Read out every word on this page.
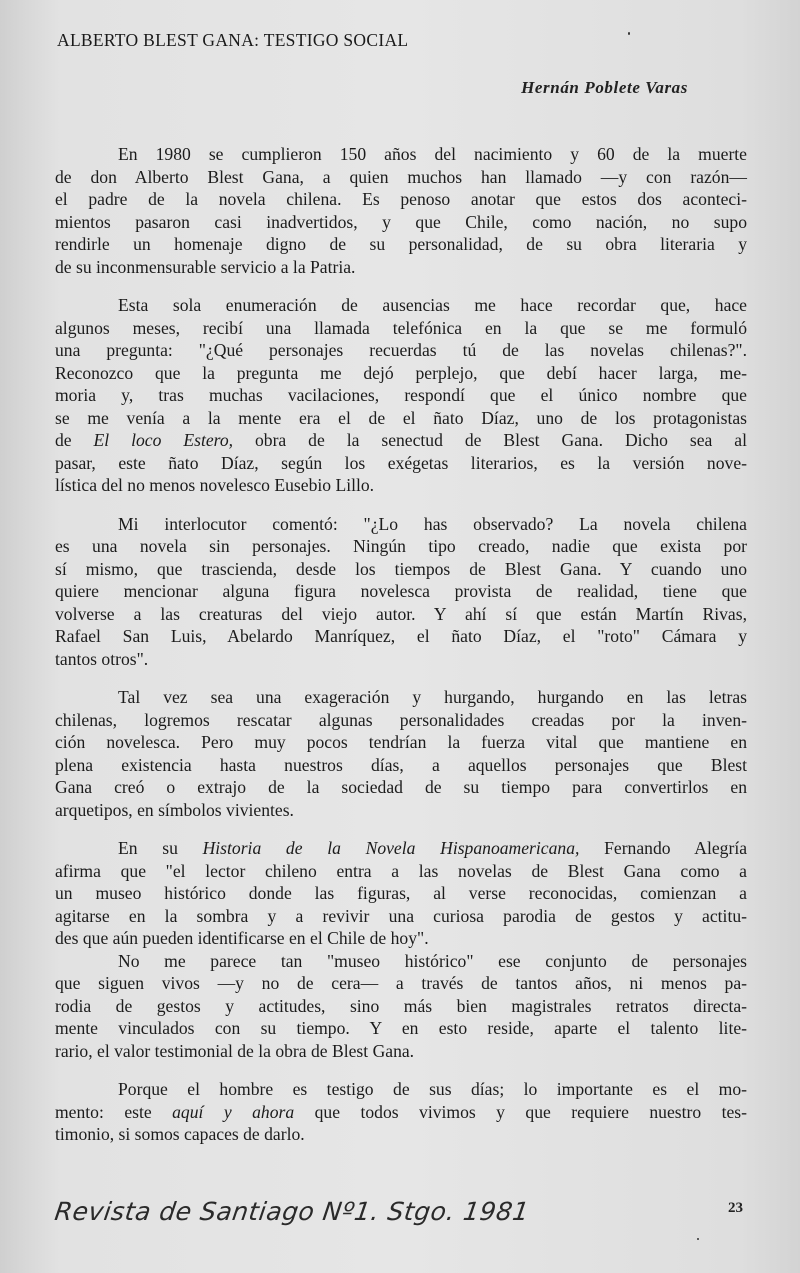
ALBERTO BLEST GANA: TESTIGO SOCIAL
Hernán Poblete Varas
En 1980 se cumplieron 150 años del nacimiento y 60 de la muerte
de don Alberto Blest Gana, a quien muchos han llamado —y con razón—
el padre de la novela chilena. Es penoso anotar que estos dos aconteci-
mientos pasaron casi inadvertidos, y que Chile, como nación, no supo
rendirle un homenaje digno de su personalidad, de su obra literaria y
de su inconmensurable servicio a la Patria.
Esta sola enumeración de ausencias me hace recordar que, hace
algunos meses, recibí una llamada telefónica en la que se me formuló
una pregunta: "¿Qué personajes recuerdas tú de las novelas chilenas?".
Reconozco que la pregunta me dejó perplejo, que debí hacer larga, me-
moria y, tras muchas vacilaciones, respondí que el único nombre que
se me venía a la mente era el de el ñato Díaz, uno de los protagonistas
de El loco Estero, obra de la senectud de Blest Gana. Dicho sea al
pasar, este ñato Díaz, según los exégetas literarios, es la versión nove-
lística del no menos novelesco Eusebio Lillo.
Mi interlocutor comentó: "¿Lo has observado? La novela chilena
es una novela sin personajes. Ningún tipo creado, nadie que exista por
sí mismo, que trascienda, desde los tiempos de Blest Gana. Y cuando uno
quiere mencionar alguna figura novelesca provista de realidad, tiene que
volverse a las creaturas del viejo autor. Y ahí sí que están Martín Rivas,
Rafael San Luis, Abelardo Manríquez, el ñato Díaz, el "roto" Cámara y
tantos otros".
Tal vez sea una exageración y hurgando, hurgando en las letras
chilenas, logremos rescatar algunas personalidades creadas por la inven-
ción novelesca. Pero muy pocos tendrían la fuerza vital que mantiene en
plena existencia hasta nuestros días, a aquellos personajes que Blest
Gana creó o extrajo de la sociedad de su tiempo para convertirlos en
arquetipos, en símbolos vivientes.
En su Historia de la Novela Hispanoamericana, Fernando Alegría
afirma que "el lector chileno entra a las novelas de Blest Gana como a
un museo histórico donde las figuras, al verse reconocidas, comienzan a
agitarse en la sombra y a revivir una curiosa parodia de gestos y actitu-
des que aún pueden identificarse en el Chile de hoy".
No me parece tan "museo histórico" ese conjunto de personajes
que siguen vivos —y no de cera— a través de tantos años, ni menos pa-
rodia de gestos y actitudes, sino más bien magistrales retratos directa-
mente vinculados con su tiempo. Y en esto reside, aparte el talento lite-
rario, el valor testimonial de la obra de Blest Gana.
Porque el hombre es testigo de sus días; lo importante es el mo-
mento: este aquí y ahora que todos vivimos y que requiere nuestro tes-
timonio, si somos capaces de darlo.
Revista de Santiago Nº1. Stgo. 1981	23
